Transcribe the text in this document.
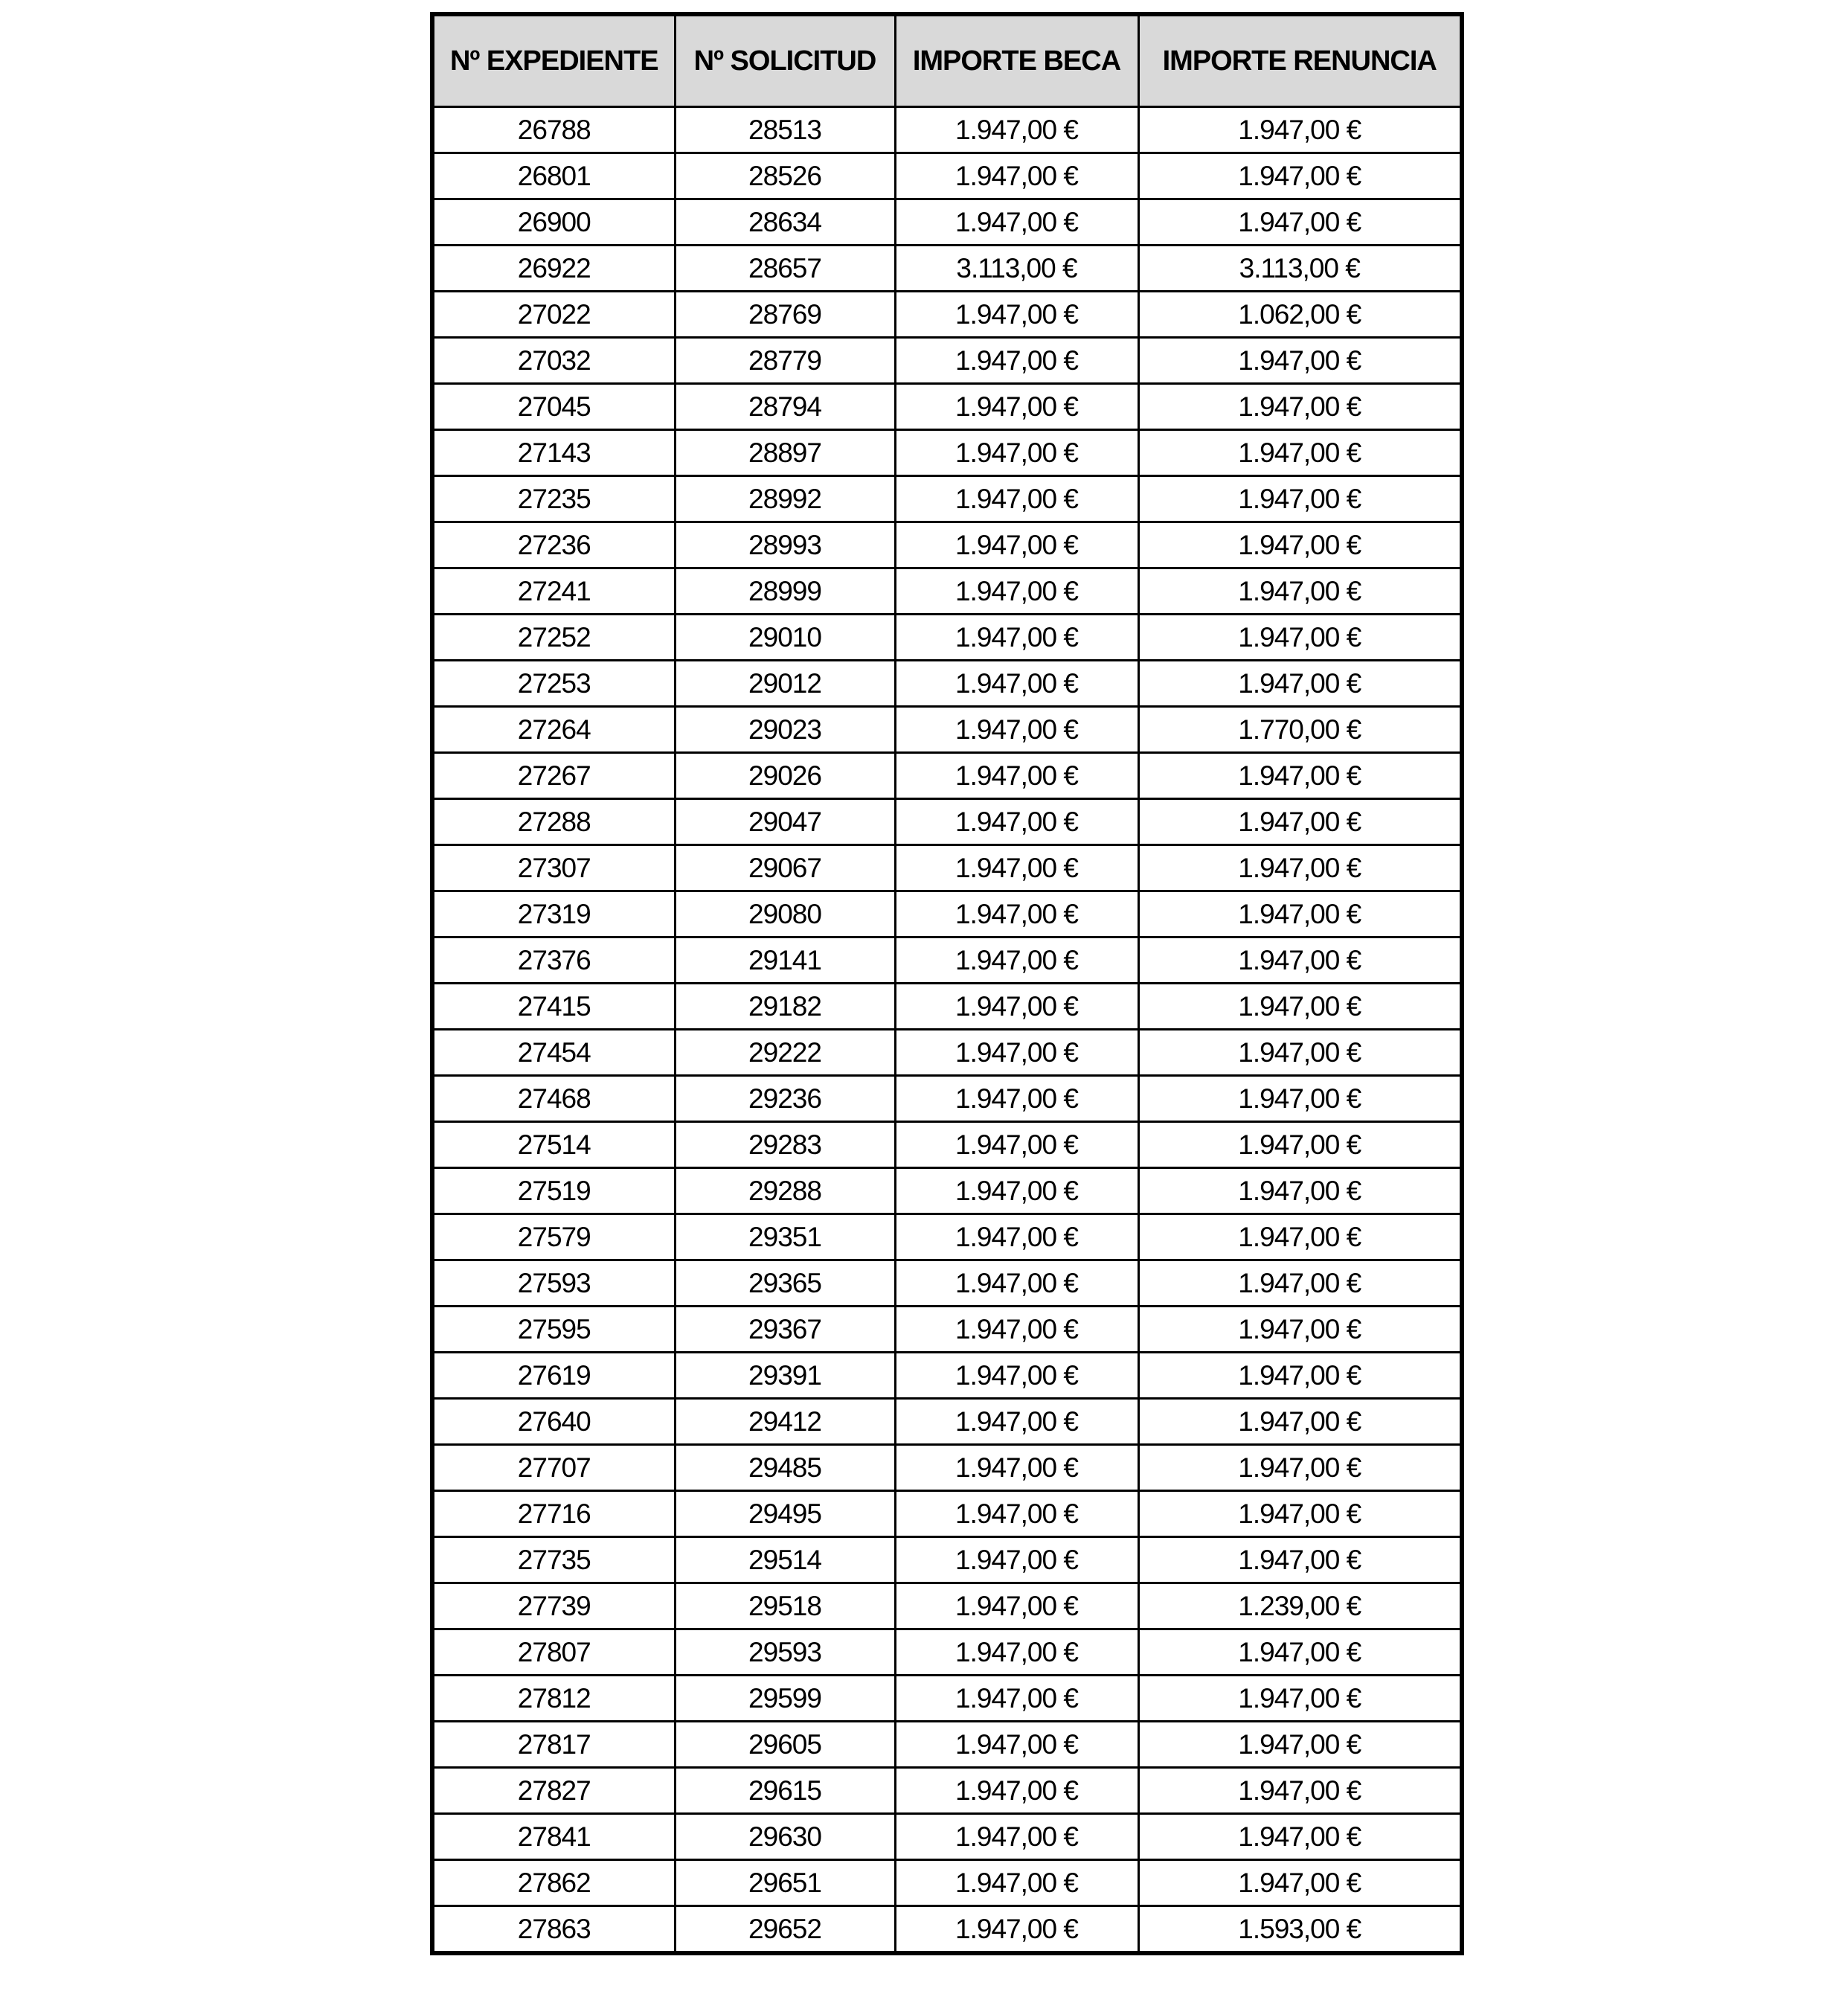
Nº EXPEDIENTE	Nº SOLICITUD	IMPORTE BECA	IMPORTE RENUNCIA
26788	28513	1.947,00 €	1.947,00 €
26801	28526	1.947,00 €	1.947,00 €
26900	28634	1.947,00 €	1.947,00 €
26922	28657	3.113,00 €	3.113,00 €
27022	28769	1.947,00 €	1.062,00 €
27032	28779	1.947,00 €	1.947,00 €
27045	28794	1.947,00 €	1.947,00 €
27143	28897	1.947,00 €	1.947,00 €
27235	28992	1.947,00 €	1.947,00 €
27236	28993	1.947,00 €	1.947,00 €
27241	28999	1.947,00 €	1.947,00 €
27252	29010	1.947,00 €	1.947,00 €
27253	29012	1.947,00 €	1.947,00 €
27264	29023	1.947,00 €	1.770,00 €
27267	29026	1.947,00 €	1.947,00 €
27288	29047	1.947,00 €	1.947,00 €
27307	29067	1.947,00 €	1.947,00 €
27319	29080	1.947,00 €	1.947,00 €
27376	29141	1.947,00 €	1.947,00 €
27415	29182	1.947,00 €	1.947,00 €
27454	29222	1.947,00 €	1.947,00 €
27468	29236	1.947,00 €	1.947,00 €
27514	29283	1.947,00 €	1.947,00 €
27519	29288	1.947,00 €	1.947,00 €
27579	29351	1.947,00 €	1.947,00 €
27593	29365	1.947,00 €	1.947,00 €
27595	29367	1.947,00 €	1.947,00 €
27619	29391	1.947,00 €	1.947,00 €
27640	29412	1.947,00 €	1.947,00 €
27707	29485	1.947,00 €	1.947,00 €
27716	29495	1.947,00 €	1.947,00 €
27735	29514	1.947,00 €	1.947,00 €
27739	29518	1.947,00 €	1.239,00 €
27807	29593	1.947,00 €	1.947,00 €
27812	29599	1.947,00 €	1.947,00 €
27817	29605	1.947,00 €	1.947,00 €
27827	29615	1.947,00 €	1.947,00 €
27841	29630	1.947,00 €	1.947,00 €
27862	29651	1.947,00 €	1.947,00 €
27863	29652	1.947,00 €	1.593,00 €
